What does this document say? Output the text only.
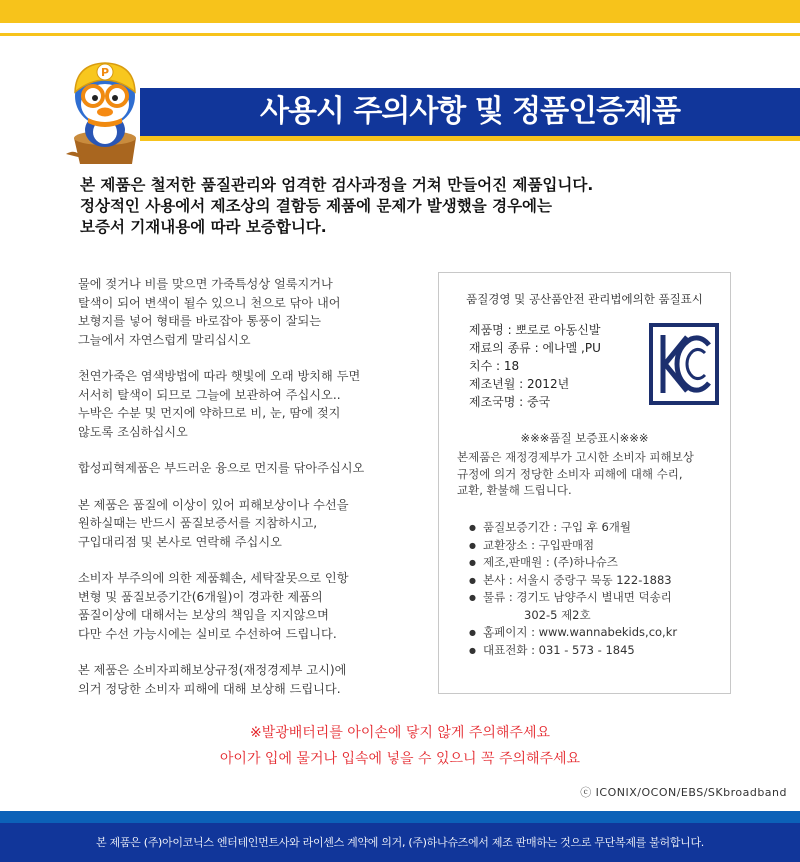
사용시 주의사항 및 정품인증제품
P

본 제품은 철저한 품질관리와 엄격한 검사과정을 거쳐 만들어진 제품입니다.

정상적인 사용에서 제조상의 결함등 제품에 문제가 발생했을 경우에는

보증서 기재내용에 따라 보증합니다.

물에 젖거나 비를 맞으면 가죽특성상 얼룩지거나
탈색이 되어 변색이 될수 있으니 천으로 닦아 내어
보형지를 넣어 형태를 바로잡아 통풍이 잘되는
그늘에서 자연스럽게 말리십시오
천연가죽은 염색방법에 따라 햇빛에 오래 방치해 두면
서서히 탈색이 되므로 그늘에 보관하여 주십시오..
누박은 수분 및 먼지에 약하므로 비, 눈, 땀에 젖지
않도록 조심하십시오
합성피혁제품은 부드러운 융으로 먼지를 닦아주십시오
본 제품은 품질에 이상이 있어 피해보상이나 수선을
원하실때는 반드시 품질보증서를 지참하시고,
구입대리점 및 본사로 연락해 주십시오
소비자 부주의에 의한 제품훼손, 세탁잘못으로 인항
변형 및 품질보증기간(6개월)이 경과한 제품의
품질이상에 대해서는 보상의 책임을 지지않으며
다만 수선 가능시에는 실비로 수선하여 드립니다.
본 제품은 소비자피해보상규정(재정경제부 고시)에
의거 정당한 소비자 피해에 대해 보상해 드립니다.
품질경영 및 공산품안전 관리법에의한 품질표시
제품명 : 뽀로로 아동신발
재료의 종류 : 에나멜 ,PU
치수 : 18
제조년월 : 2012년
제조국명 : 중국
※※※품질 보증표시※※※
본제품은 재정경제부가 고시한 소비자 피해보상
규정에 의거 정당한 소비자 피해에 대해 수리,
교환, 환불해 드립니다.
● 품질보증기간 : 구입 후 6개월
● 교환장소 : 구입판매점
● 제조,판매원 : (주)하나슈즈
● 본사 : 서울시 중랑구 묵동 122-1883
● 물류 : 경기도 남양주시 별내면 덕송리
302-5 제2호
● 홈페이지 : www.wannabekids,co,kr
● 대표전화 : 031 - 573 - 1845
※발광배터리를 아이손에 닿지 않게 주의해주세요
아이가 입에 물거나 입속에 넣을 수 있으니 꼭 주의해주세요
ⓒ ICONIX/OCON/EBS/SKbroadband
본 제품은 (주)아이코닉스 엔터테인먼트사와 라이센스 계약에 의거, (주)하나슈즈에서 제조 판매하는 것으로 무단복제를 불허합니다.
